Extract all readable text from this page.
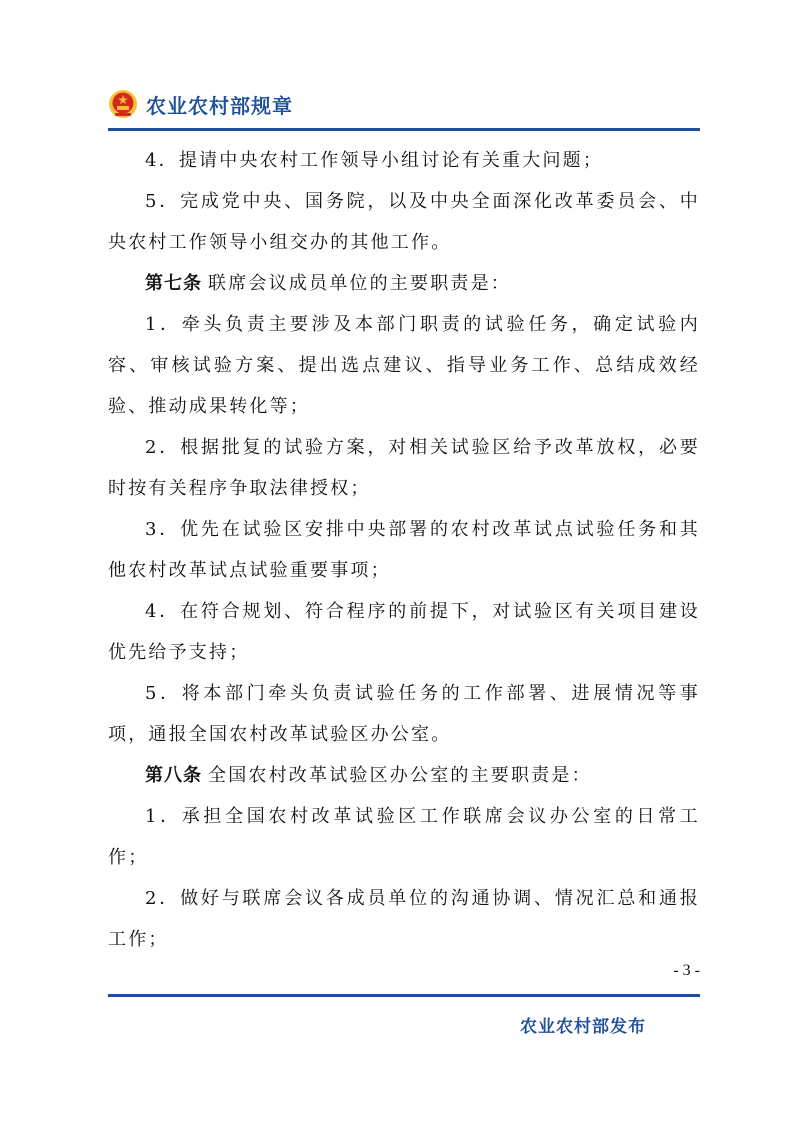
农业农村部规章

4．提请中央农村工作领导小组讨论有关重大问题；

5．完成党中央、国务院，以及中央全面深化改革委员会、中央农村工作领导小组交办的其他工作。

第七条 联席会议成员单位的主要职责是：

1．牵头负责主要涉及本部门职责的试验任务，确定试验内容、审核试验方案、提出选点建议、指导业务工作、总结成效经验、推动成果转化等；

2．根据批复的试验方案，对相关试验区给予改革放权，必要时按有关程序争取法律授权；

3．优先在试验区安排中央部署的农村改革试点试验任务和其他农村改革试点试验重要事项；

4．在符合规划、符合程序的前提下，对试验区有关项目建设优先给予支持；

5．将本部门牵头负责试验任务的工作部署、进展情况等事项，通报全国农村改革试验区办公室。

第八条 全国农村改革试验区办公室的主要职责是：

1．承担全国农村改革试验区工作联席会议办公室的日常工作；

2．做好与联席会议各成员单位的沟通协调、情况汇总和通报工作；

- 3 -
农业农村部发布
